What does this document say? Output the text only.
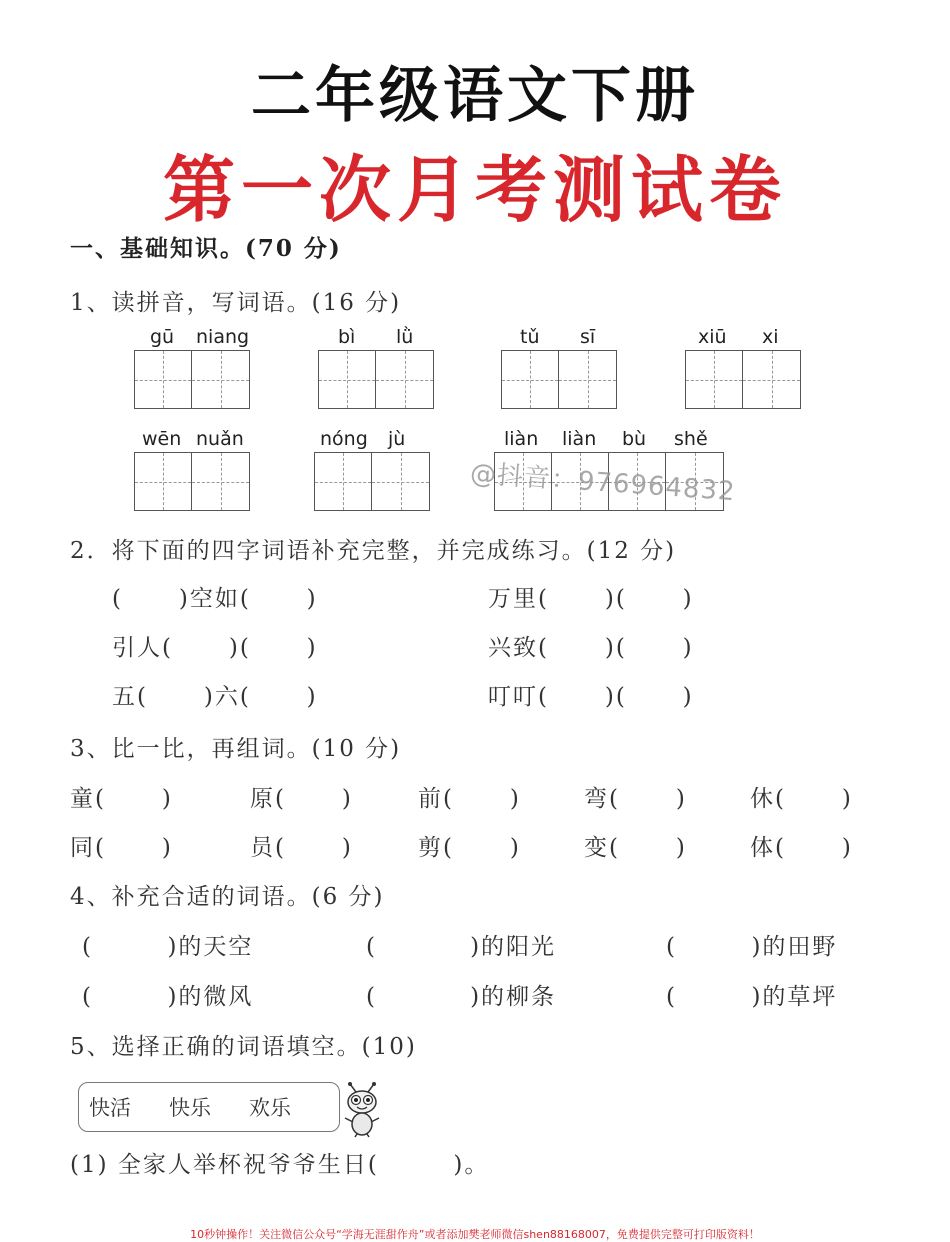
二年级语文下册
第一次月考测试卷
一、基础知识。(70 分)
1、读拼音，写词语。(16 分)
gū niang	bì lǜ	tǔ sī	xiū xi
wēn nuǎn	nóng jù	liàn liàn bù shě
@抖音：976964832
2．将下面的四字词语补充完整，并完成练习。(12 分)
(      )空如(      )	万里(      )(      )
引人(      )(      )	兴致(      )(      )
五(      )六(      )	叮叮(      )(      )
3、比一比，再组词。(10 分)
童(      )	原(      )	前(      )	弯(      )	休(      )
同(      )	员(      )	剪(      )	变(      )	体(      )
4、补充合适的词语。(6 分)
(        )的天空	(          )的阳光	(        )的田野
(        )的微风	(          )的柳条	(        )的草坪
5、选择正确的词语填空。(10)
快活 快乐 欢乐
(1) 全家人举杯祝爷爷生日(        )。
10秒钟操作！关注微信公众号“学海无涯甜作舟”或者添加樊老师微信shen88168007，免费提供完整可打印版资料！
